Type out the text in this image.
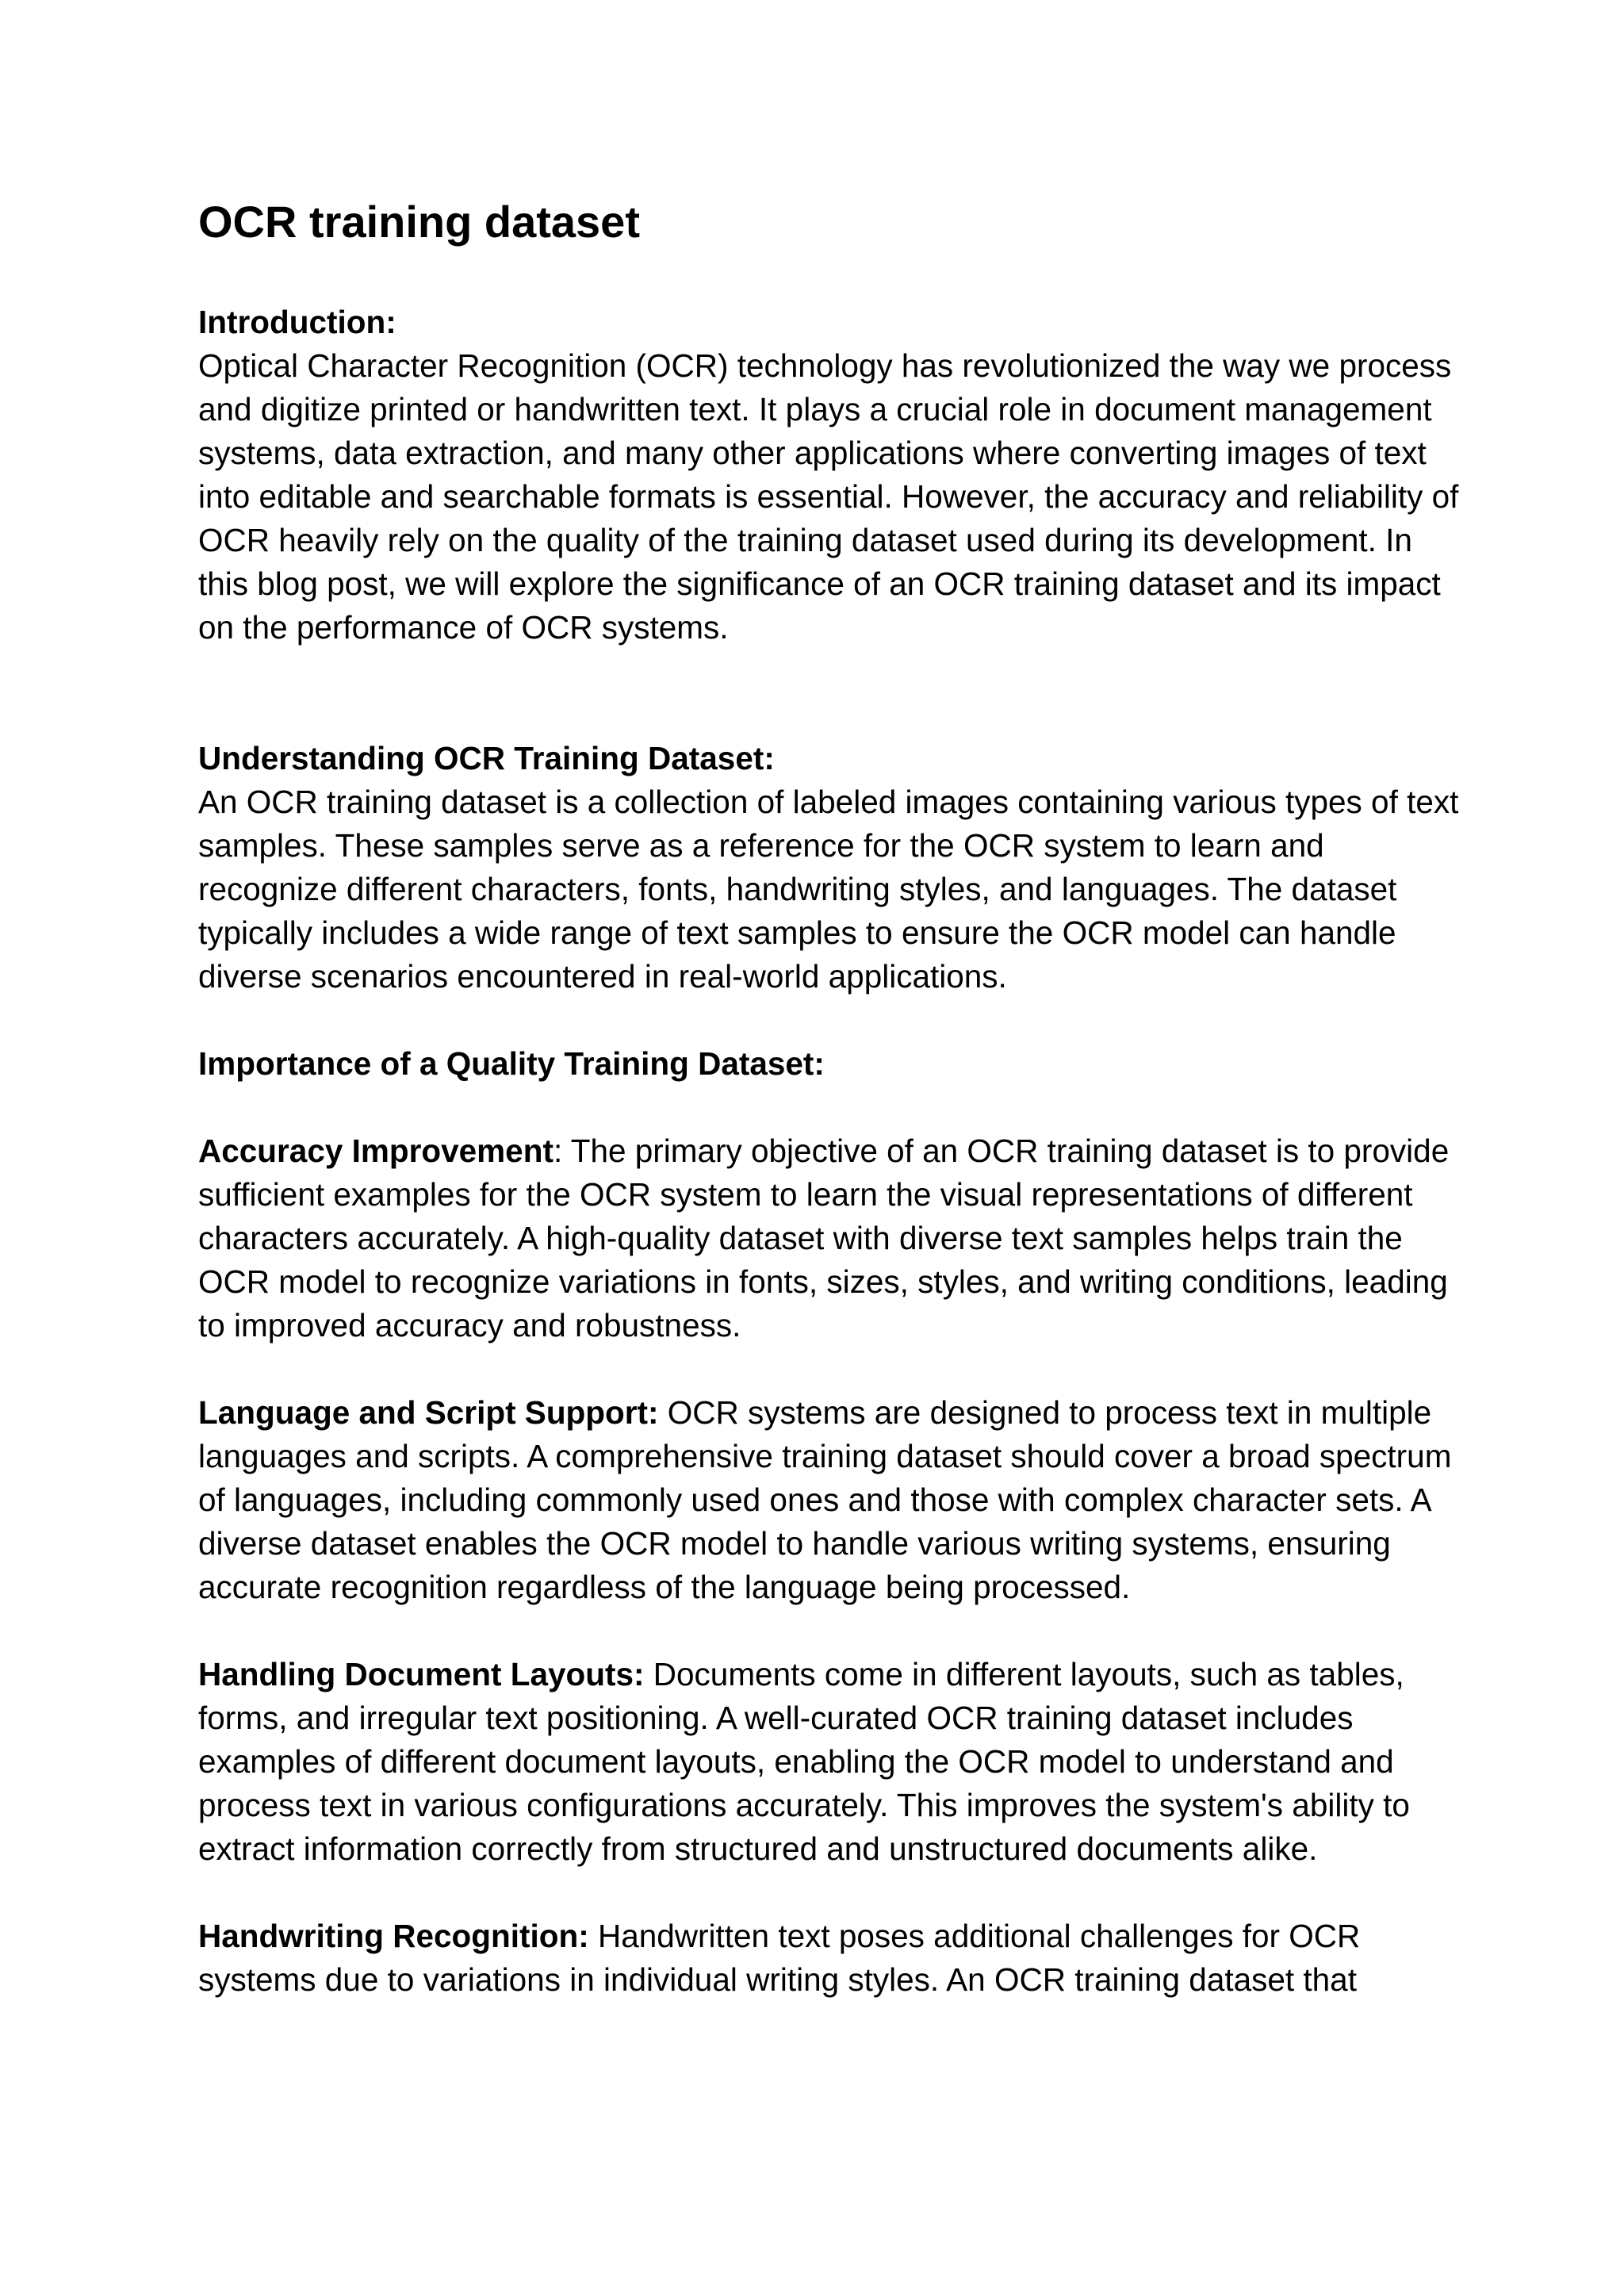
OCR training dataset
Introduction:
Optical Character Recognition (OCR) technology has revolutionized the way we process and digitize printed or handwritten text. It plays a crucial role in document management systems, data extraction, and many other applications where converting images of text into editable and searchable formats is essential. However, the accuracy and reliability of OCR heavily rely on the quality of the training dataset used during its development. In this blog post, we will explore the significance of an OCR training dataset and its impact on the performance of OCR systems.
Understanding OCR Training Dataset:
An OCR training dataset is a collection of labeled images containing various types of text samples. These samples serve as a reference for the OCR system to learn and recognize different characters, fonts, handwriting styles, and languages. The dataset typically includes a wide range of text samples to ensure the OCR model can handle diverse scenarios encountered in real-world applications.

Importance of a Quality Training Dataset:

Accuracy Improvement: The primary objective of an OCR training dataset is to provide sufficient examples for the OCR system to learn the visual representations of different characters accurately. A high-quality dataset with diverse text samples helps train the OCR model to recognize variations in fonts, sizes, styles, and writing conditions, leading to improved accuracy and robustness.

Language and Script Support: OCR systems are designed to process text in multiple languages and scripts. A comprehensive training dataset should cover a broad spectrum of languages, including commonly used ones and those with complex character sets. A diverse dataset enables the OCR model to handle various writing systems, ensuring accurate recognition regardless of the language being processed.

Handling Document Layouts: Documents come in different layouts, such as tables, forms, and irregular text positioning. A well-curated OCR training dataset includes examples of different document layouts, enabling the OCR model to understand and process text in various configurations accurately. This improves the system's ability to extract information correctly from structured and unstructured documents alike.

Handwriting Recognition: Handwritten text poses additional challenges for OCR systems due to variations in individual writing styles. An OCR training dataset that
